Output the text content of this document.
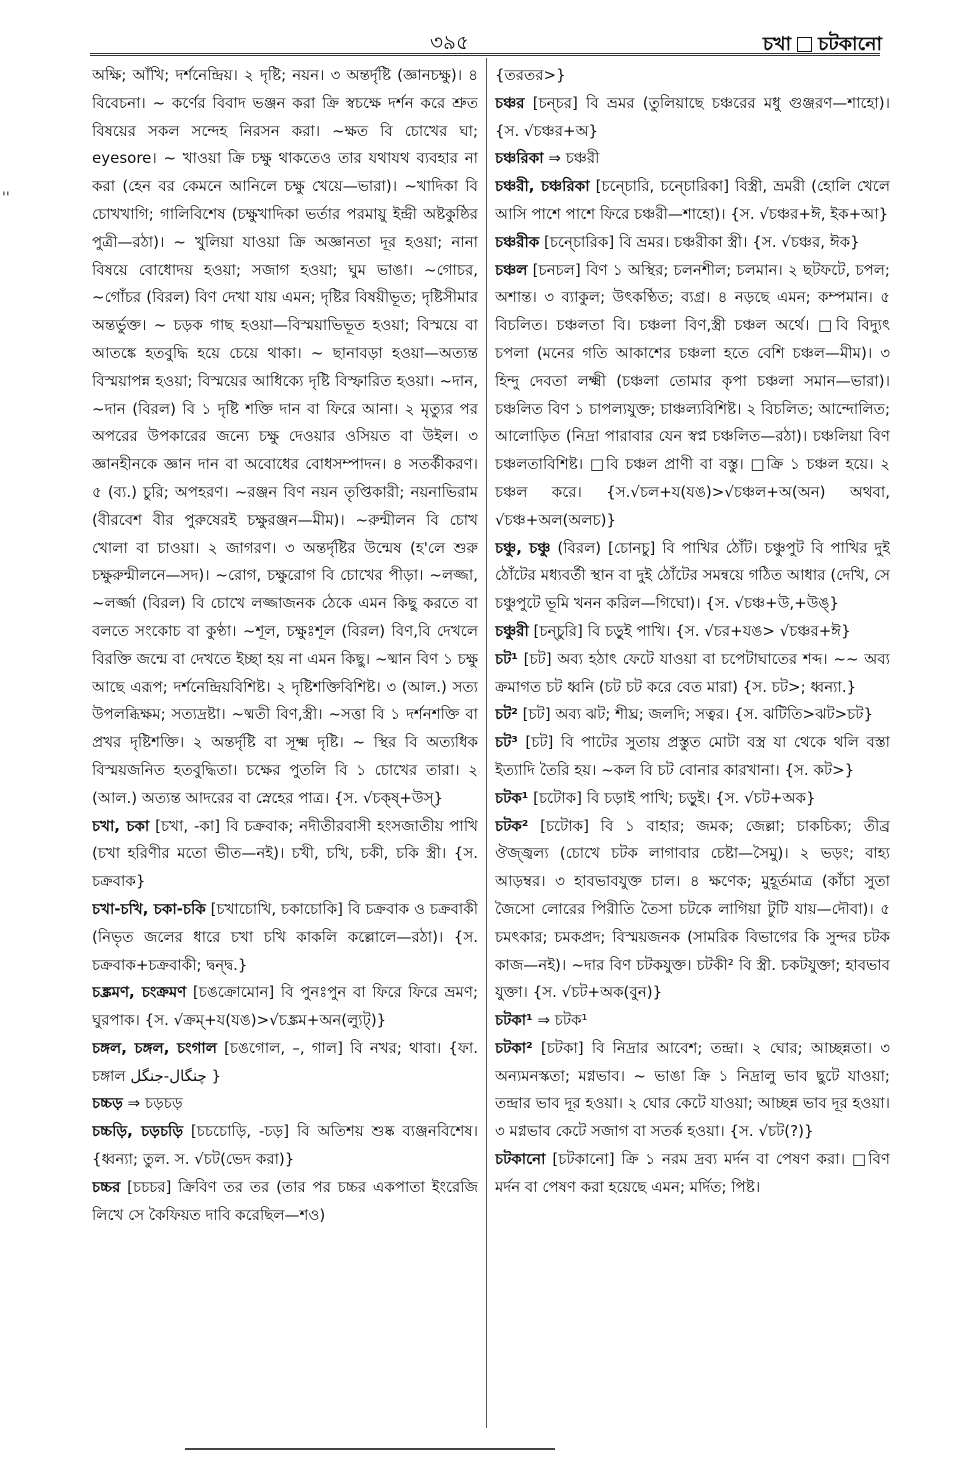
''
৩৯৫	চখা চটকানো

অক্ষি; আঁখি; দর্শনেন্দ্রিয়। ২ দৃষ্টি; নয়ন। ৩ অন্তর্দৃষ্টি (জ্ঞানচক্ষু)। ৪ বিবেচনা। ~ কর্ণের বিবাদ ভঞ্জন করা ক্রি স্বচক্ষে দর্শন করে শ্রুত বিষয়ের সকল সন্দেহ নিরসন করা। ~ক্ষত বি চোখের ঘা; eyesore। ~ খাওয়া ক্রি চক্ষু থাকতেও তার যথাযথ ব্যবহার না করা (হেন বর কেমনে আনিলে চক্ষু খেয়ে—ভারা)। ~খাদিকা বি চোখখাগি; গালিবিশেষ (চক্ষুখাদিকা ভর্তার পরমায়ু ইন্দ্রী অষ্টকুষ্ঠির পুত্রী—রঠা)। ~ খুলিয়া যাওয়া ক্রি অজ্ঞানতা দূর হওয়া; নানা বিষয়ে বোধোদয় হওয়া; সজাগ হওয়া; ঘুম ভাঙা। ~গোচর, ~গোঁচর (বিরল) বিণ দেখা যায় এমন; দৃষ্টির বিষয়ীভূত; দৃষ্টিসীমার অন্তর্ভুক্ত। ~ চড়ক গাছ হওয়া—বিস্ময়াভিভূত হওয়া; বিস্ময়ে বা আতঙ্কে হতবুদ্ধি হয়ে চেয়ে থাকা। ~ ছানাবড়া হওয়া—অত্যন্ত বিস্ময়াপন্ন হওয়া; বিস্ময়ের আধিক্যে দৃষ্টি বিস্ফারিত হওয়া। ~দান, ~দান (বিরল) বি ১ দৃষ্টি শক্তি দান বা ফিরে আনা। ২ মৃত্যুর পর অপরের উপকারের জন্যে চক্ষু দেওয়ার ওসিয়ত বা উইল। ৩ জ্ঞানহীনকে জ্ঞান দান বা অবোধের বোধসম্পাদন। ৪ সতর্কীকরণ। ৫ (ব্য.) চুরি; অপহরণ। ~রঞ্জন বিণ নয়ন তৃপ্তিকারী; নয়নাভিরাম (বীরবেশ বীর পুরুষেরই চক্ষুরঞ্জন—মীম)। ~রুন্মীলন বি চোখ খোলা বা চাওয়া। ২ জাগরণ। ৩ অন্তর্দৃষ্টির উন্মেষ (হ'লে শুরু চক্ষুরুন্মীলনে—সদ)। ~রোগ, চক্ষুরোগ বি চোখের পীড়া। ~লজ্জা, ~লর্জ্জা (বিরল) বি চোখে লজ্জাজনক ঠেকে এমন কিছু করতে বা বলতে সংকোচ বা কুণ্ঠা। ~শূল, চক্ষুঃশূল (বিরল) বিণ,বি দেখলে বিরক্তি জন্মে বা দেখতে ইচ্ছা হয় না এমন কিছু। ~ষ্মান বিণ ১ চক্ষু আছে এরূপ; দর্শনেন্দ্রিয়বিশিষ্ট। ২ দৃষ্টিশক্তিবিশিষ্ট। ৩ (আল.) সত্য উপলব্ধিক্ষম; সত্যদ্রষ্টা। ~ষ্মতী বিণ,স্ত্রী। ~সত্তা বি ১ দর্শনশক্তি বা প্রখর দৃষ্টিশক্তি। ২ অন্তর্দৃষ্টি বা সূক্ষ্ম দৃষ্টি। ~ স্থির বি অত্যধিক বিস্ময়জনিত হতবুদ্ধিতা। চক্ষের পুতলি বি ১ চোখের তারা। ২ (আল.) অত্যন্ত আদরের বা স্নেহের পাত্র। {স. √চক্ষ্+উস্}

চখা, চকা [চখা, -কা] বি চক্রবাক; নদীতীরবাসী হংসজাতীয় পাখি (চখা হরিণীর মতো ভীত—নই)। চখী, চখি, চকী, চকি স্ত্রী। {স. চক্রবাক}

চখা-চখি, চকা-চকি [চখাচোখি, চকাচোকি] বি চক্রবাক ও চক্রবাকী (নিভৃত জলের ধারে চখা চখি কাকলি কল্লোলে—রঠা)। {স. চক্রবাক+চক্রবাকী; দ্বন্দ্ব.}

চঙ্ক্রমণ, চংক্রমণ [চঙক্রোমোন] বি পুনঃপুন বা ফিরে ফিরে ভ্রমণ; ঘুরপাক। {স. √ক্রম্+য(যঙ)>√চঙ্ক্রম+অন(ল্যুট্)}

চঙ্গল, চঙ্গল, চংগাল [চঙগোল, –, গাল] বি নখর; থাবা। {ফা. চঙ্গাল چنگال-جنگل }

চচ্চড় ⇒ চড়চড়

চচ্চড়ি, চড়চড়ি [চচচোড়ি, -চড়] বি অতিশয় শুষ্ক ব্যঞ্জনবিশেষ। {ধ্বন্যা; তুল. স. √চট(ভেদ করা)}

চচ্চর [চচচর] ক্রিবিণ তর তর (তার পর চচ্চর একপাতা ইংরেজি লিখে সে কৈফিয়ত দাবি করেছিল—শও)

{তরতর>}

চঞ্চর [চন্চর] বি ভ্রমর (তুলিয়াছে চঞ্চরের মধু গুঞ্জরণ—শাহো)। {স. √চঞ্চর+অ}

চঞ্চরিকা ⇒ চঞ্চরী

চঞ্চরী, চঞ্চরিকা [চন্চোরি, চন্চোরিকা] বিস্ত্রী, ভ্রমরী (হোলি খেলে আসি পাশে পাশে ফিরে চঞ্চরী—শাহো)। {স. √চঞ্চর+ঈ, ইক+আ}

চঞ্চরীক [চন্চোরিক] বি ভ্রমর। চঞ্চরীকা স্ত্রী। {স. √চঞ্চর, ঈক}

চঞ্চল [চনচল] বিণ ১ অস্থির; চলনশীল; চলমান। ২ ছটফটে, চপল; অশান্ত। ৩ ব্যাকুল; উৎকণ্ঠিত; ব্যগ্র। ৪ নড়ছে এমন; কম্পমান। ৫ বিচলিত। চঞ্চলতা বি। চঞ্চলা বিণ,স্ত্রী চঞ্চল অর্থে। □বি বিদ্যুৎ চপলা (মনের গতি আকাশের চঞ্চলা হতে বেশি চঞ্চল—মীম)। ৩ হিন্দু দেবতা লক্ষ্মী (চঞ্চলা তোমার কৃপা চঞ্চলা সমান—ভারা)। চঞ্চলিত বিণ ১ চাপল্যযুক্ত; চাঞ্চল্যবিশিষ্ট। ২ বিচলিত; আন্দোলিত; আলোড়িত (নিদ্রা পারাবার যেন স্বপ্ন চঞ্চলিত—রঠা)। চঞ্চলিয়া বিণ চঞ্চলতাবিশিষ্ট। □বি চঞ্চল প্রাণী বা বস্তু। □ক্রি ১ চঞ্চল হয়ে। ২ চঞ্চল করে। {স.√চল+য(যঙ)>√চঞ্চল+অ(অন) অথবা, √চঞ্চ+অল(অলচ)}

চঞ্চু, চঞ্চু (বিরল) [চোনচু] বি পাখির ঠোঁট। চঞ্চুপুট বি পাখির দুই ঠোঁটের মধ্যবর্তী স্থান বা দুই ঠোঁটের সমন্বয়ে গঠিত আধার (দেখি, সে চঞ্চুপুটে ভূমি খনন করিল—গিঘো)। {স. √চঞ্চ+উ,+উঙ্}

চঞ্চুরী [চন্চুরি] বি চড়ুই পাখি। {স. √চর+যঙ> √চঞ্চর+ঈ}

চট¹ [চট] অব্য হঠাৎ ফেটে যাওয়া বা চপেটাঘাতের শব্দ। ~~ অব্য ক্রমাগত চট ধ্বনি (চট চট করে বেত মারা) {স. চট>; ধ্বন্যা.}

চট² [চট] অব্য ঝট; শীঘ্র; জলদি; সত্বর। {স. ঝটিতি>ঝট>চট}

চট³ [চট] বি পাটের সুতায় প্রস্তুত মোটা বস্ত্র যা থেকে থলি বস্তা ইত্যাদি তৈরি হয়। ~কল বি চট বোনার কারখানা। {স. কট>}

চটক¹ [চটোক] বি চড়াই পাখি; চড়ুই। {স. √চট+অক}

চটক² [চটোক] বি ১ বাহার; জমক; জেল্লা; চাকচিক্য; তীব্র ঔজ্জ্বল্য (চোখে চটক লাগাবার চেষ্টা—সৈমু)। ২ ভড়ং; বাহ্য আড়ম্বর। ৩ হাবভাবযুক্ত চাল। ৪ ক্ষণেক; মুহূর্তমাত্র (কাঁচা সুতা জৈসো লোরের পিরীতি তৈসা চটকে লাগিয়া টুটি যায়—দৌবা)। ৫ চমৎকার; চমকপ্রদ; বিস্ময়জনক (সামরিক বিভাগের কি সুন্দর চটক কাজ—নই)। ~দার বিণ চটকযুক্ত। চটকী² বি স্ত্রী. চকটযুক্তা; হাবভাব যুক্তা। {স. √চট+অক(বুন)}

চটকা¹ ⇒ চটক¹

চটকা² [চটকা] বি নিদ্রার আবেশ; তন্দ্রা। ২ ঘোর; আচ্ছন্নতা। ৩ অন্যমনস্কতা; মগ্নভাব। ~ ভাঙা ক্রি ১ নিদ্রালু ভাব ছুটে যাওয়া; তন্দ্রার ভাব দূর হওয়া। ২ ঘোর কেটে যাওয়া; আচ্ছন্ন ভাব দূর হওয়া। ৩ মগ্নভাব কেটে সজাগ বা সতর্ক হওয়া। {স. √চট(?)}

চটকানো [চটকানো] ক্রি ১ নরম দ্রব্য মর্দন বা পেষণ করা। □বিণ মর্দন বা পেষণ করা হয়েছে এমন; মর্দিত; পিষ্ট।
